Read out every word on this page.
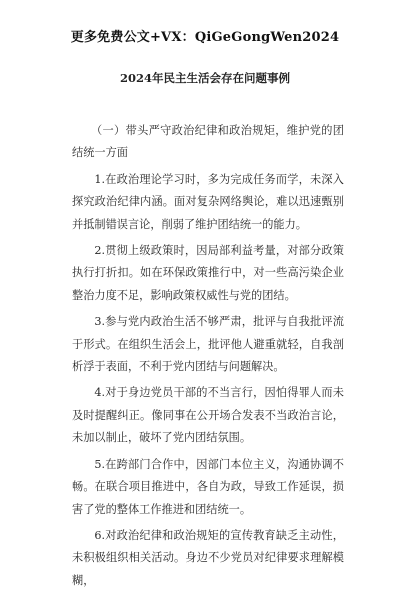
更多免费公文+VX：QiGeGongWen2024
2024年民主生活会存在问题事例

（一）带头严守政治纪律和政治规矩，维护党的团结统一方面

1.在政治理论学习时，多为完成任务而学，未深入探究政治纪律内涵。面对复杂网络舆论，难以迅速甄别并抵制错误言论，削弱了维护团结统一的能力。

2.贯彻上级政策时，因局部利益考量，对部分政策执行打折扣。如在环保政策推行中，对一些高污染企业整治力度不足，影响政策权威性与党的团结。

3.参与党内政治生活不够严肃，批评与自我批评流于形式。在组织生活会上，批评他人避重就轻，自我剖析浮于表面，不利于党内团结与问题解决。

4.对于身边党员干部的不当言行，因怕得罪人而未及时提醒纠正。像同事在公开场合发表不当政治言论，未加以制止，破坏了党内团结氛围。

5.在跨部门合作中，因部门本位主义，沟通协调不畅。在联合项目推进中，各自为政，导致工作延误，损害了党的整体工作推进和团结统一。

6.对政治纪律和政治规矩的宣传教育缺乏主动性，未积极组织相关活动。身边不少党员对纪律要求理解模糊，
